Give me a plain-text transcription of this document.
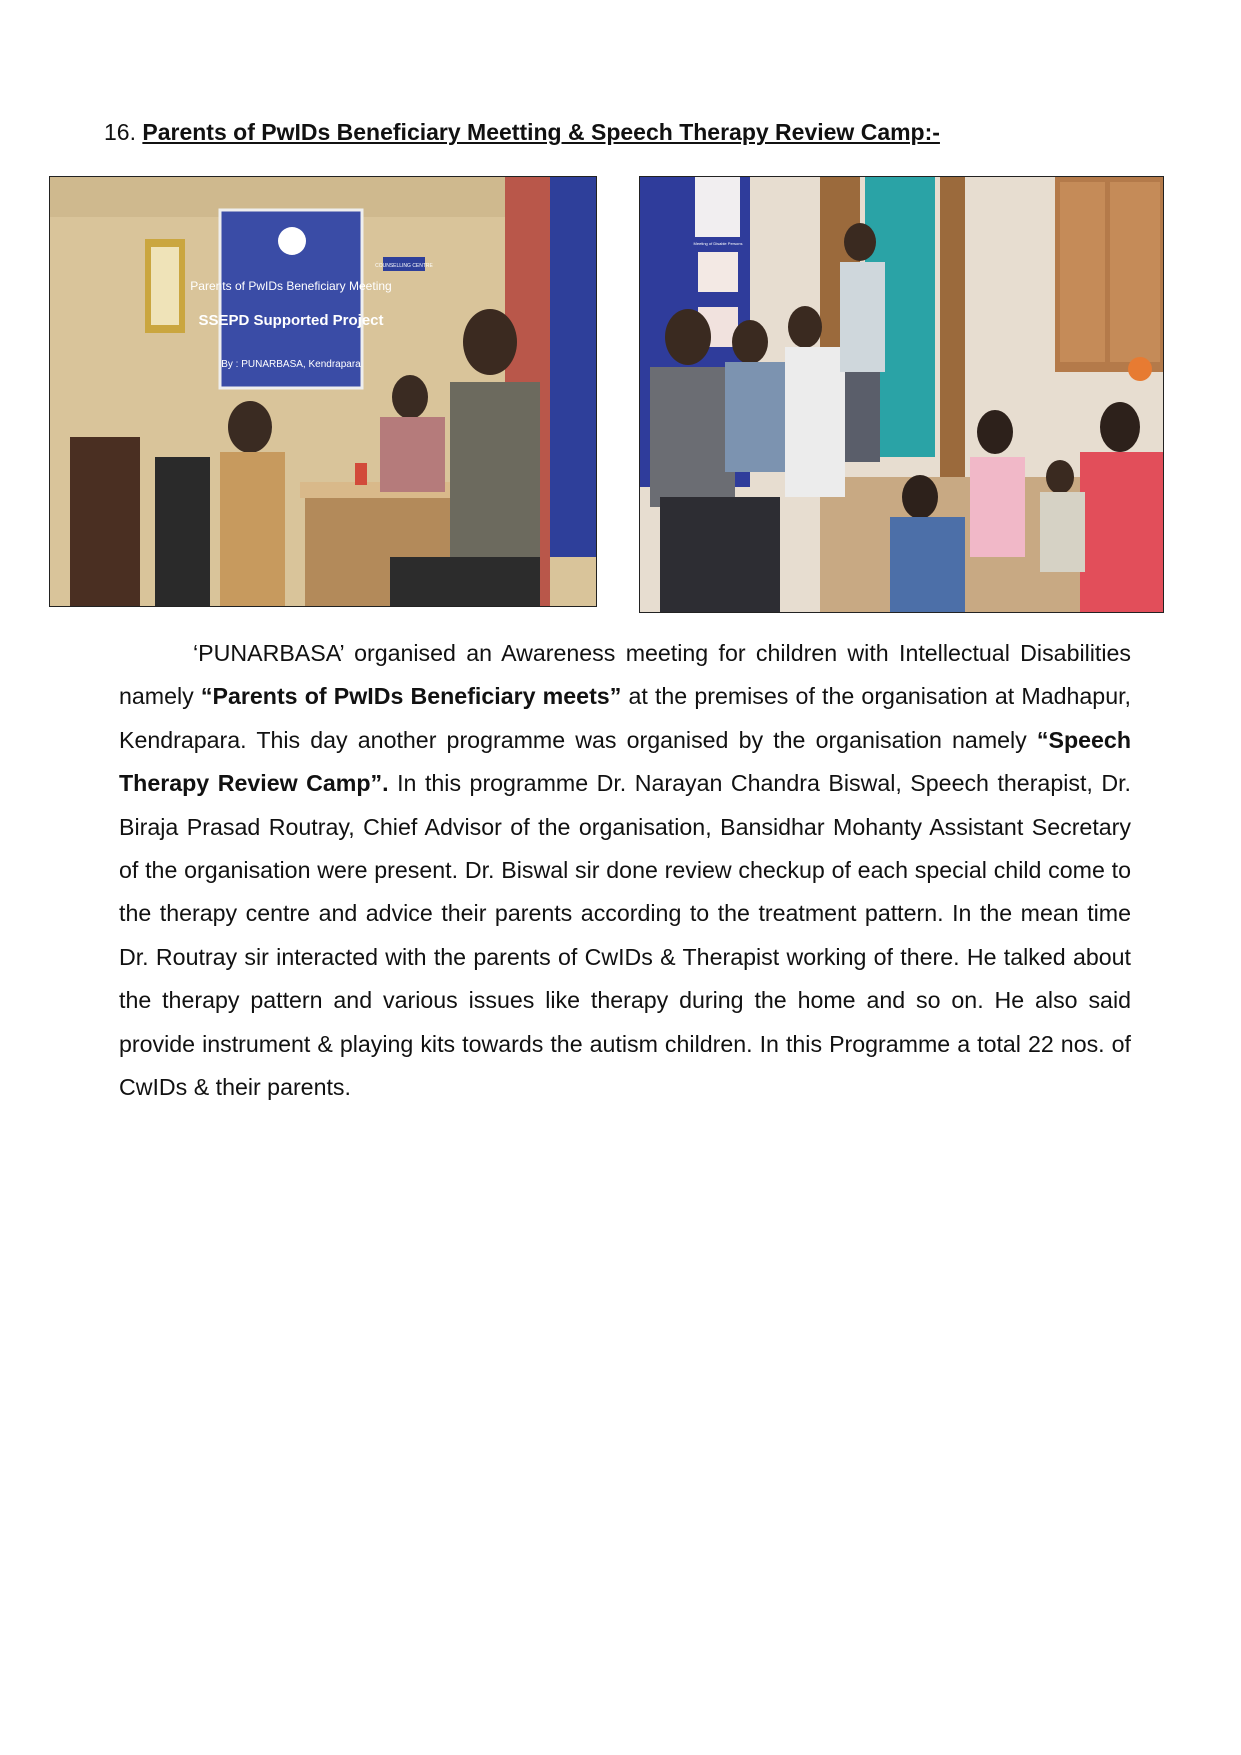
16. Parents of PwIDs Beneficiary Meetting & Speech Therapy Review Camp:-
Parents of PwIDs Beneficiary Meeting
SSEPD Supported Project
By : PUNARBASA, Kendrapara
COUNSELLING CENTRE
Meeting of Disable Persons
‘PUNARBASA’ organised an Awareness meeting for children with Intellectual Disabilities namely “Parents of PwIDs Beneficiary meets” at the premises of the organisation at Madhapur, Kendrapara. This day another programme was organised by the organisation namely “Speech Therapy Review Camp”. In this programme Dr. Narayan Chandra Biswal, Speech therapist, Dr. Biraja Prasad Routray, Chief Advisor of the organisation, Bansidhar Mohanty Assistant Secretary of the organisation were present. Dr. Biswal sir done review checkup of each special child come to the therapy centre and advice their parents according to the treatment pattern. In the mean time Dr. Routray sir interacted with the parents of CwIDs & Therapist working of there. He talked about the therapy pattern and various issues like therapy during the home and so on. He also said provide instrument & playing kits towards the autism children. In this Programme a total 22 nos. of CwIDs & their parents.
